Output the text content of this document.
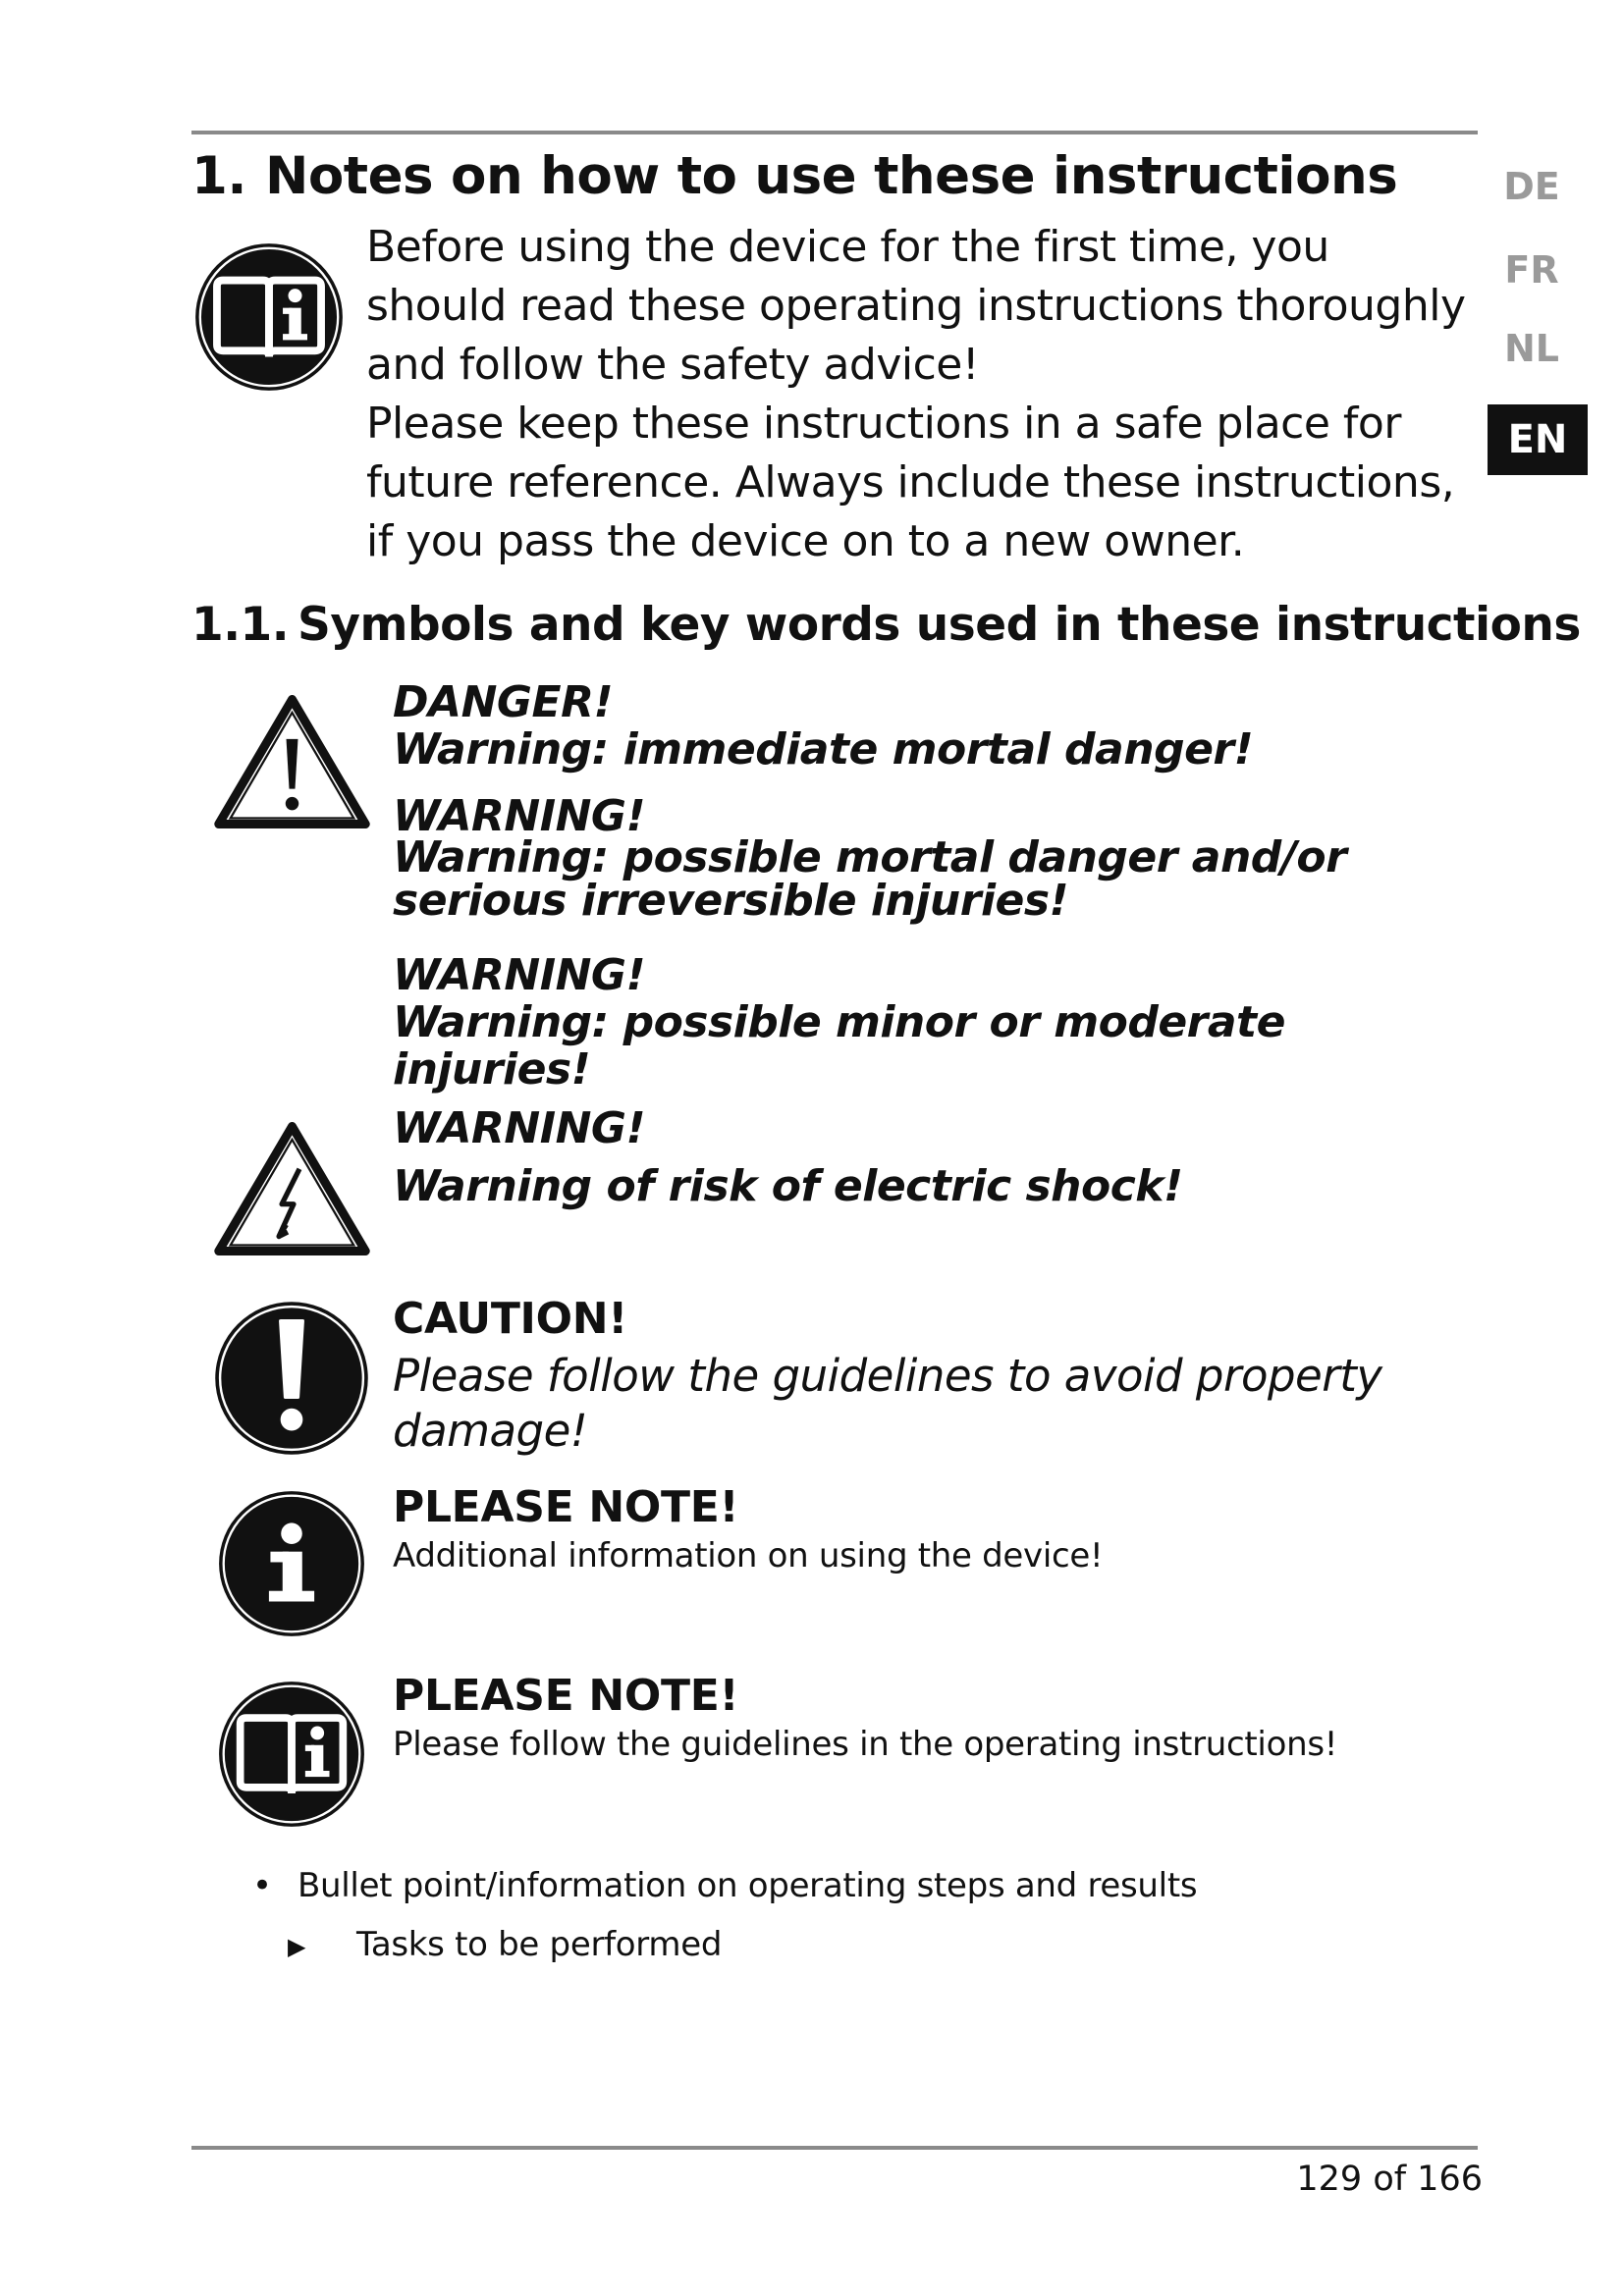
1. Notes on how to use these instructions	DE
FR
NL
EN

Before using the device for the first time, you should read these operating instructions thoroughly and follow the safety advice!

Please keep these instructions in a safe place for future reference. Always include these instructions, if you pass the device on to a new owner.

1.1. Symbols and key words used in these instructions
DANGER!
Warning: immediate mortal danger!
WARNING!
Warning: possible mortal danger and/or serious irreversible injuries!
WARNING!
Warning: possible minor or moderate injuries!
WARNING!
Warning of risk of electric shock!
CAUTION!
Please follow the guidelines to avoid property damage!
PLEASE NOTE!
Additional information on using the device!
PLEASE NOTE!
Please follow the guidelines in the operating instructions!
• Bullet point/information on operating steps and results
▶ Tasks to be performed
129 of 166
